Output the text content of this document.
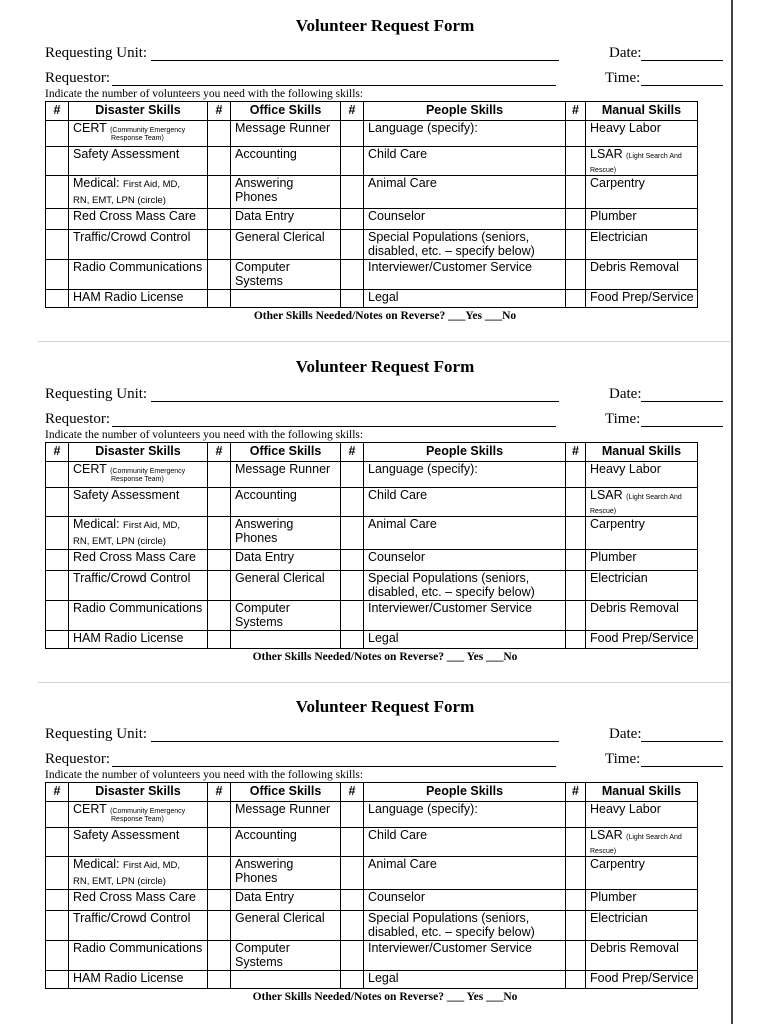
Volunteer Request Form
Requesting Unit:	Date:
Requestor:	Time:
Indicate the number of volunteers you need with the following skills:
#	Disaster Skills	#	Office Skills	#	People Skills	#	Manual Skills
	CERT (Community Emergency
Response Team)		Message Runner		Language (specify):		Heavy Labor
	Safety Assessment		Accounting		Child Care		LSAR (Light Search And
Rescue)
	Medical: First Aid, MD,
RN, EMT, LPN (circle)		Answering
Phones		Animal Care		Carpentry
	Red Cross Mass Care		Data Entry		Counselor		Plumber
	Traffic/Crowd Control		General Clerical		Special Populations (seniors,
disabled, etc. – specify below)		Electrician
	Radio Communications		Computer
Systems		Interviewer/Customer Service		Debris Removal
	HAM Radio License				Legal		Food Prep/Service
Other Skills Needed/Notes on Reverse? ___Yes ___No
Volunteer Request Form
Requesting Unit:	Date:
Requestor:	Time:
Indicate the number of volunteers you need with the following skills:
#	Disaster Skills	#	Office Skills	#	People Skills	#	Manual Skills
	CERT (Community Emergency
Response Team)		Message Runner		Language (specify):		Heavy Labor
	Safety Assessment		Accounting		Child Care		LSAR (Light Search And
Rescue)
	Medical: First Aid, MD,
RN, EMT, LPN (circle)		Answering
Phones		Animal Care		Carpentry
	Red Cross Mass Care		Data Entry		Counselor		Plumber
	Traffic/Crowd Control		General Clerical		Special Populations (seniors,
disabled, etc. – specify below)		Electrician
	Radio Communications		Computer
Systems		Interviewer/Customer Service		Debris Removal
	HAM Radio License				Legal		Food Prep/Service
Other Skills Needed/Notes on Reverse? ___ Yes ___No
Volunteer Request Form
Requesting Unit:	Date:
Requestor:	Time:
Indicate the number of volunteers you need with the following skills:
#	Disaster Skills	#	Office Skills	#	People Skills	#	Manual Skills
	CERT (Community Emergency
Response Team)		Message Runner		Language (specify):		Heavy Labor
	Safety Assessment		Accounting		Child Care		LSAR (Light Search And
Rescue)
	Medical: First Aid, MD,
RN, EMT, LPN (circle)		Answering
Phones		Animal Care		Carpentry
	Red Cross Mass Care		Data Entry		Counselor		Plumber
	Traffic/Crowd Control		General Clerical		Special Populations (seniors,
disabled, etc. – specify below)		Electrician
	Radio Communications		Computer
Systems		Interviewer/Customer Service		Debris Removal
	HAM Radio License				Legal		Food Prep/Service
Other Skills Needed/Notes on Reverse? ___ Yes ___No
